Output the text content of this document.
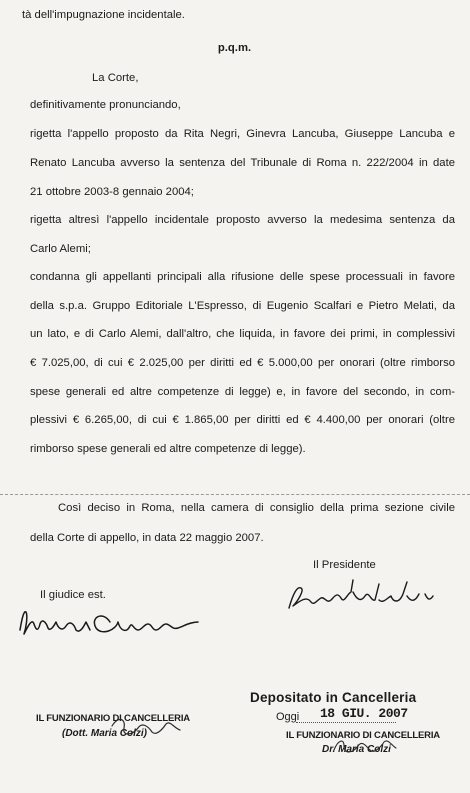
tà dell'impugnazione incidentale.
p.q.m.
La Corte,
definitivamente pronunciando,
rigetta l'appello proposto da Rita Negri, Ginevra Lancuba, Giuseppe Lancuba e
Renato Lancuba avverso la sentenza del Tribunale di Roma n. 222/2004 in date
21 ottobre 2003-8 gennaio 2004;
rigetta altresì l'appello incidentale proposto avverso la medesima sentenza da
Carlo Alemi;
condanna gli appellanti principali alla rifusione delle spese processuali in favore
della s.p.a. Gruppo Editoriale L'Espresso, di Eugenio Scalfari e Pietro Melati, da
un lato, e di Carlo Alemi, dall'altro, che liquida, in favore dei primi, in complessivi
€ 7.025,00, di cui € 2.025,00 per diritti ed € 5.000,00 per onorari (oltre rimborso
spese generali ed altre competenze di legge) e, in favore del secondo, in com-
plessivi € 6.265,00, di cui € 1.865,00 per diritti ed € 4.400,00 per onorari (oltre
rimborso spese generali ed altre competenze di legge).
Così deciso in Roma, nella camera di consiglio della prima sezione civile
della Corte di appello, in data 22 maggio 2007.
Il Presidente
Il giudice est.
IL FUNZIONARIO DI CANCELLERIA
(Dott. Maria Colzi)
Depositato in Cancelleria
Oggi 18 GIU. 2007
IL FUNZIONARIO DI CANCELLERIA
Dr. Maria Colzi
